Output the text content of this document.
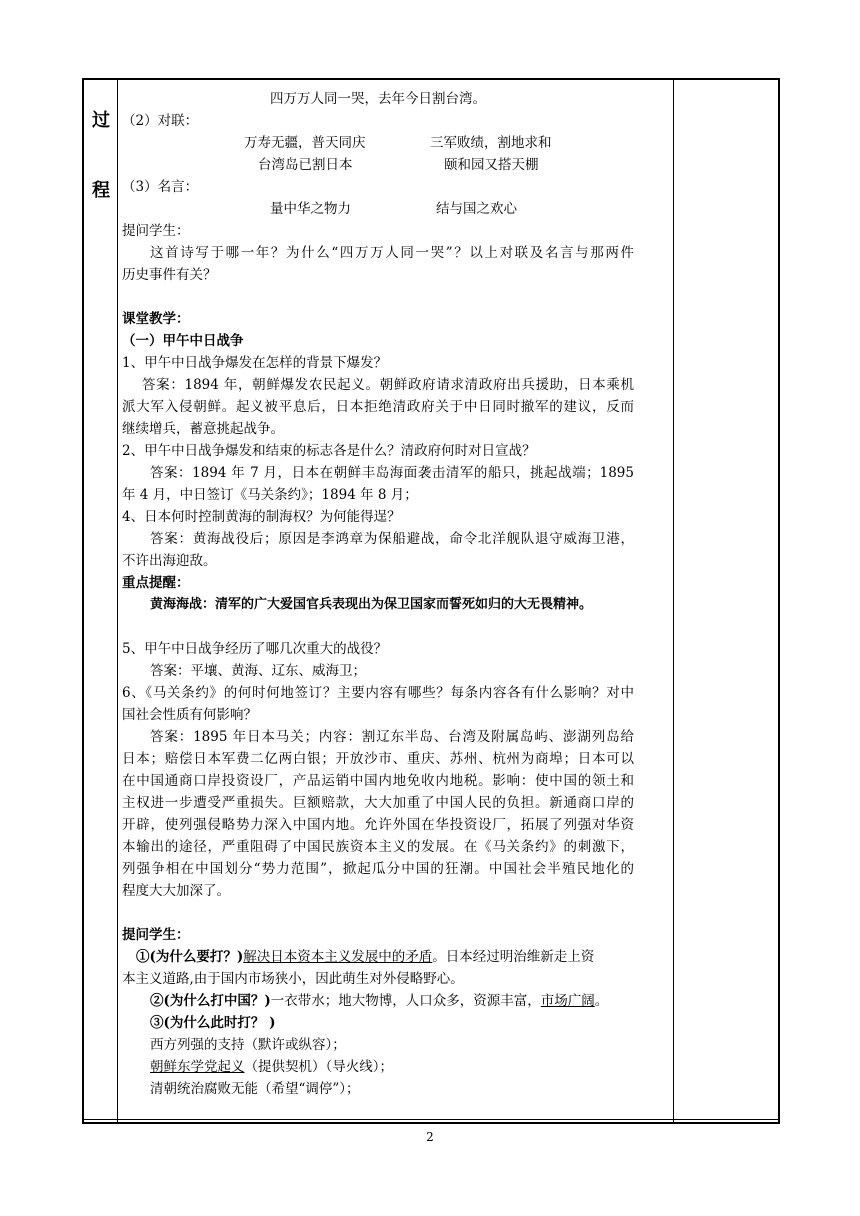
过
程
四万万人同一哭，去年今日割台湾。
（2）对联：
万寿无疆，普天同庆	三军败绩，割地求和
台湾岛已割日本	颐和园又搭天棚
（3）名言：
量中华之物力	结与国之欢心
提问学生：
这首诗写于哪一年？为什么“四万万人同一哭”？以上对联及名言与那两件
历史事件有关？
课堂教学：
（一）甲午中日战争
1、甲午中日战争爆发在怎样的背景下爆发？
答案：1894 年，朝鲜爆发农民起义。朝鲜政府请求清政府出兵援助，日本乘机
派大军入侵朝鲜。起义被平息后，日本拒绝清政府关于中日同时撤军的建议，反而
继续增兵，蓄意挑起战争。
2、甲午中日战争爆发和结束的标志各是什么？清政府何时对日宣战？
答案：1894 年 7 月，日本在朝鲜丰岛海面袭击清军的船只，挑起战端；1895
年 4 月，中日签订《马关条约》；1894 年 8 月；
4、日本何时控制黄海的制海权？为何能得逞？
答案：黄海战役后；原因是李鸿章为保船避战，命令北洋舰队退守威海卫港，
不许出海迎敌。
重点提醒：
黄海海战：清军的广大爱国官兵表现出为保卫国家而誓死如归的大无畏精神。
5、甲午中日战争经历了哪几次重大的战役？
答案：平壤、黄海、辽东、威海卫；
6、《马关条约》的何时何地签订？主要内容有哪些？每条内容各有什么影响？对中
国社会性质有何影响？
答案：1895 年日本马关；内容：割辽东半岛、台湾及附属岛屿、澎湖列岛给
日本；赔偿日本军费二亿两白银；开放沙市、重庆、苏州、杭州为商埠；日本可以
在中国通商口岸投资设厂，产品运销中国内地免收内地税。影响：使中国的领土和
主权进一步遭受严重损失。巨额赔款，大大加重了中国人民的负担。新通商口岸的
开辟，使列强侵略势力深入中国内地。允许外国在华投资设厂，拓展了列强对华资
本输出的途径，严重阻碍了中国民族资本主义的发展。在《马关条约》的刺激下，
列强争相在中国划分“势力范围”，掀起瓜分中国的狂潮。中国社会半殖民地化的
程度大大加深了。
提问学生：
①(为什么要打？)解决日本资本主义发展中的矛盾。日本经过明治维新走上资
本主义道路,由于国内市场狭小，因此萌生对外侵略野心。
②(为什么打中国？)一衣带水；地大物博，人口众多，资源丰富，市场广阔。
③(为什么此时打？ )
西方列强的支持（默许或纵容）；
朝鲜东学党起义（提供契机）（导火线）；
清朝统治腐败无能（希望“调停”）；
2
